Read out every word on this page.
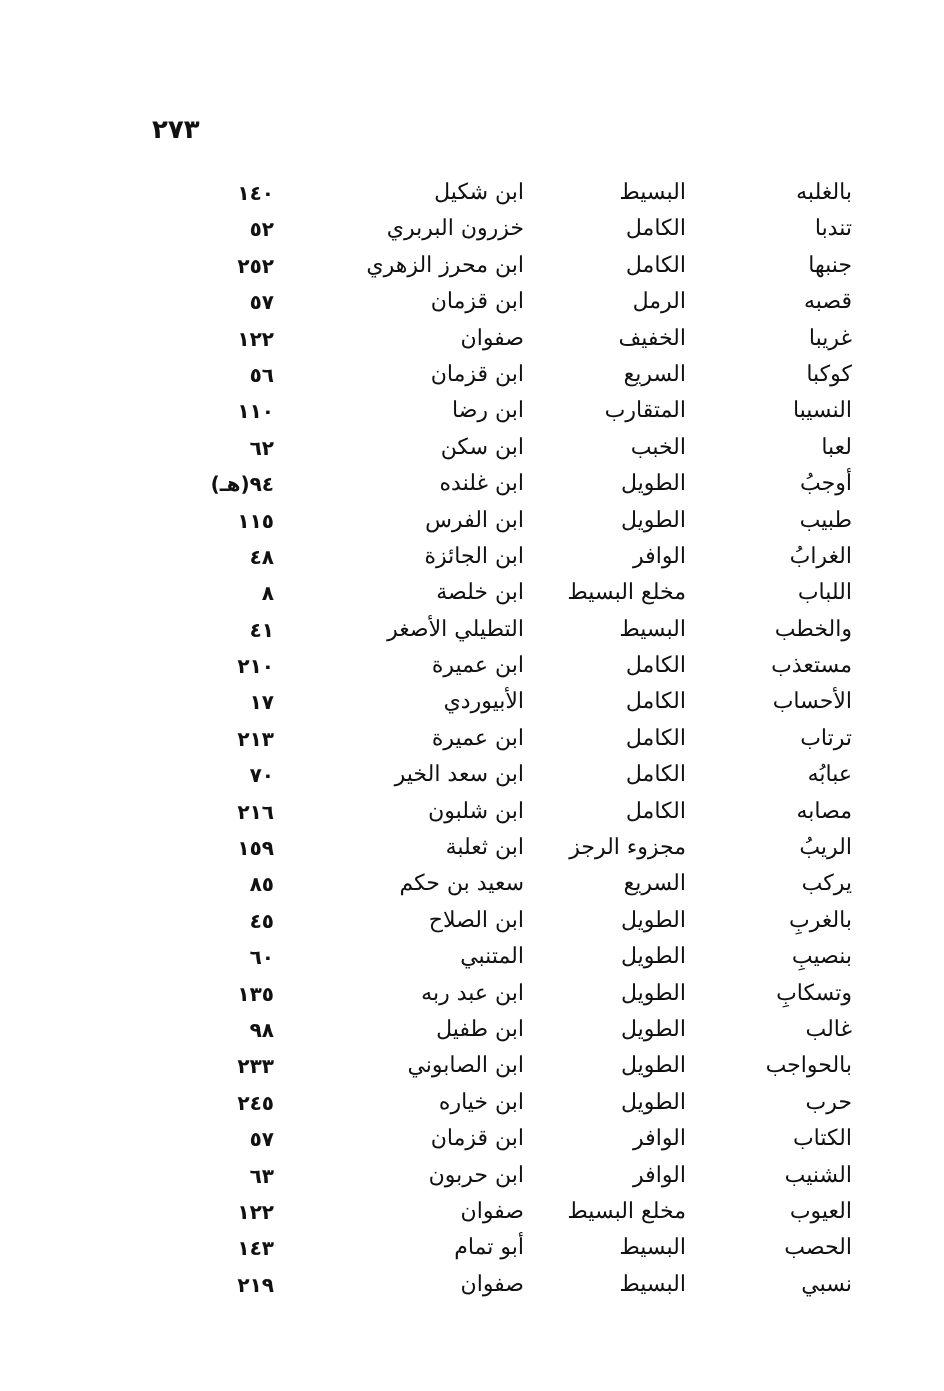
٢٧٣
بالغلبه
البسيط
ابن شكيل
١٤٠
تندبا
الكامل
خزرون البربري
٥٢
جنبها
الكامل
ابن محرز الزهري
٢٥٢
قصبه
الرمل
ابن قزمان
٥٧
غريبا
الخفيف
صفوان
١٢٢
كوكبا
السريع
ابن قزمان
٥٦
النسيبا
المتقارب
ابن رضا
١١٠
لعبا
الخبب
ابن سكن
٦٢
أوجبُ
الطويل
ابن غلنده
٩٤(هـ)
طبيب
الطويل
ابن الفرس
١١٥
الغرابُ
الوافر
ابن الجائزة
٤٨
اللباب
مخلع البسيط
ابن خلصة
٨
والخطب
البسيط
التطيلي الأصغر
٤١
مستعذب
الكامل
ابن عميرة
٢١٠
الأحساب
الكامل
الأبيوردي
١٧
ترتاب
الكامل
ابن عميرة
٢١٣
عبابُه
الكامل
ابن سعد الخير
٧٠
مصابه
الكامل
ابن شلبون
٢١٦
الريبُ
مجزوء الرجز
ابن ثعلبة
١٥٩
يركب
السريع
سعيد بن حكم
٨٥
بالغربِ
الطويل
ابن الصلاح
٤٥
بنصيبِ
الطويل
المتنبي
٦٠
وتسكابِ
الطويل
ابن عبد ربه
١٣٥
غالب
الطويل
ابن طفيل
٩٨
بالحواجب
الطويل
ابن الصابوني
٢٣٣
حرب
الطويل
ابن خياره
٢٤٥
الكتاب
الوافر
ابن قزمان
٥٧
الشنيب
الوافر
ابن حربون
٦٣
العيوب
مخلع البسيط
صفوان
١٢٢
الحصب
البسيط
أبو تمام
١٤٣
نسبي
البسيط
صفوان
٢١٩
